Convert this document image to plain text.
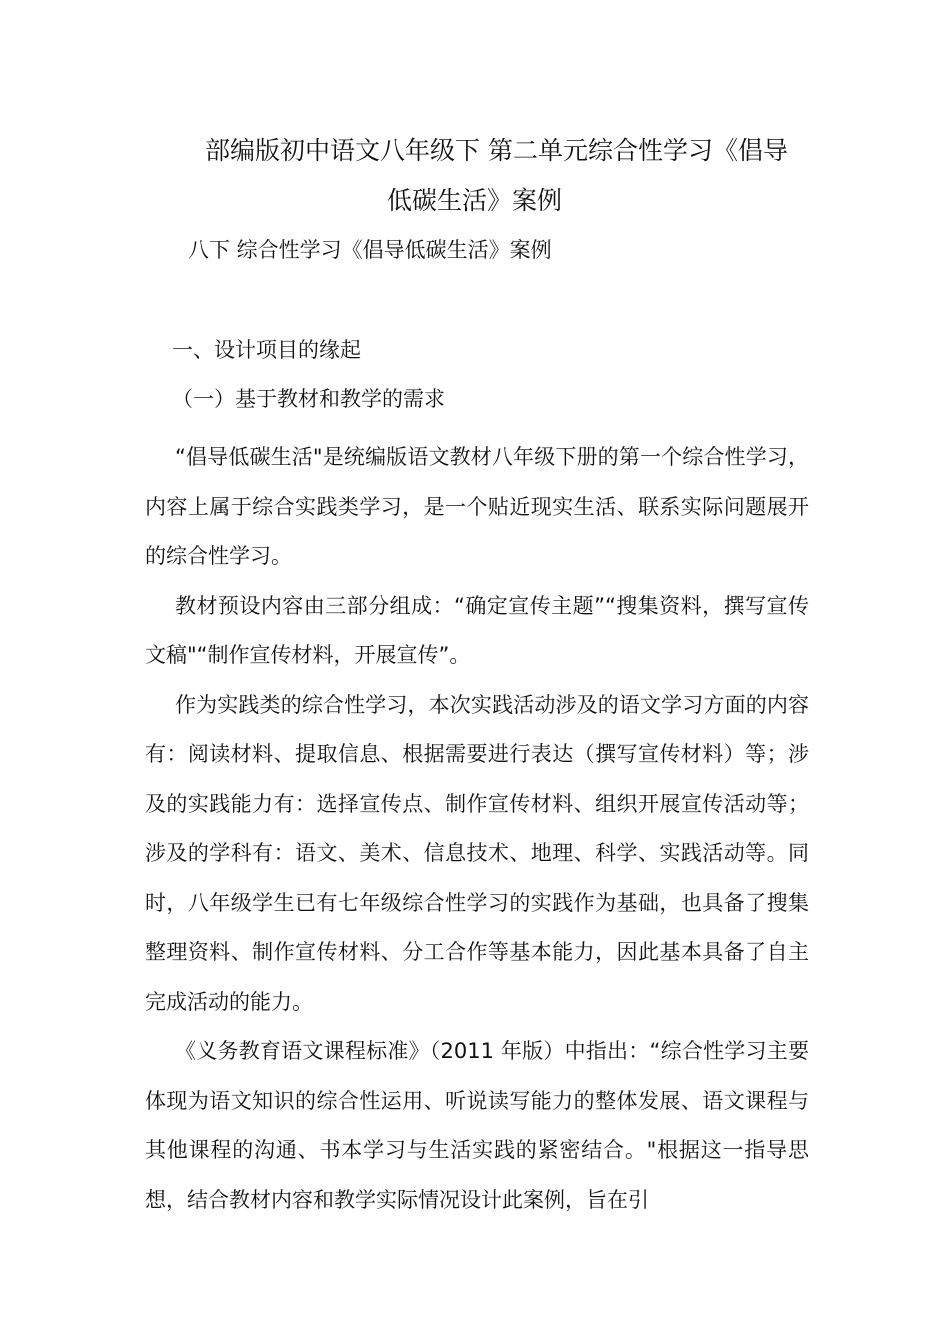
部编版初中语文八年级下 第二单元综合性学习《倡导
低碳生活》案例
八下 综合性学习《倡导低碳生活》案例
一、设计项目的缘起
（一）基于教材和教学的需求

“倡导低碳生活"是统编版语文教材八年级下册的第一个综合性学习，内容上属于综合实践类学习，是一个贴近现实生活、联系实际问题展开的综合性学习。

教材预设内容由三部分组成：“确定宣传主题”“搜集资料，撰写宣传文稿"“制作宣传材料，开展宣传”。

作为实践类的综合性学习，本次实践活动涉及的语文学习方面的内容有：阅读材料、提取信息、根据需要进行表达（撰写宣传材料）等；涉及的实践能力有：选择宣传点、制作宣传材料、组织开展宣传活动等；涉及的学科有：语文、美术、信息技术、地理、科学、实践活动等。同时，八年级学生已有七年级综合性学习的实践作为基础，也具备了搜集整理资料、制作宣传材料、分工合作等基本能力，因此基本具备了自主完成活动的能力。

《义务教育语文课程标准》（2011 年版）中指出：“综合性学习主要体现为语文知识的综合性运用、听说读写能力的整体发展、语文课程与其他课程的沟通、书本学习与生活实践的紧密结合。"根据这一指导思想，结合教材内容和教学实际情况设计此案例，旨在引
